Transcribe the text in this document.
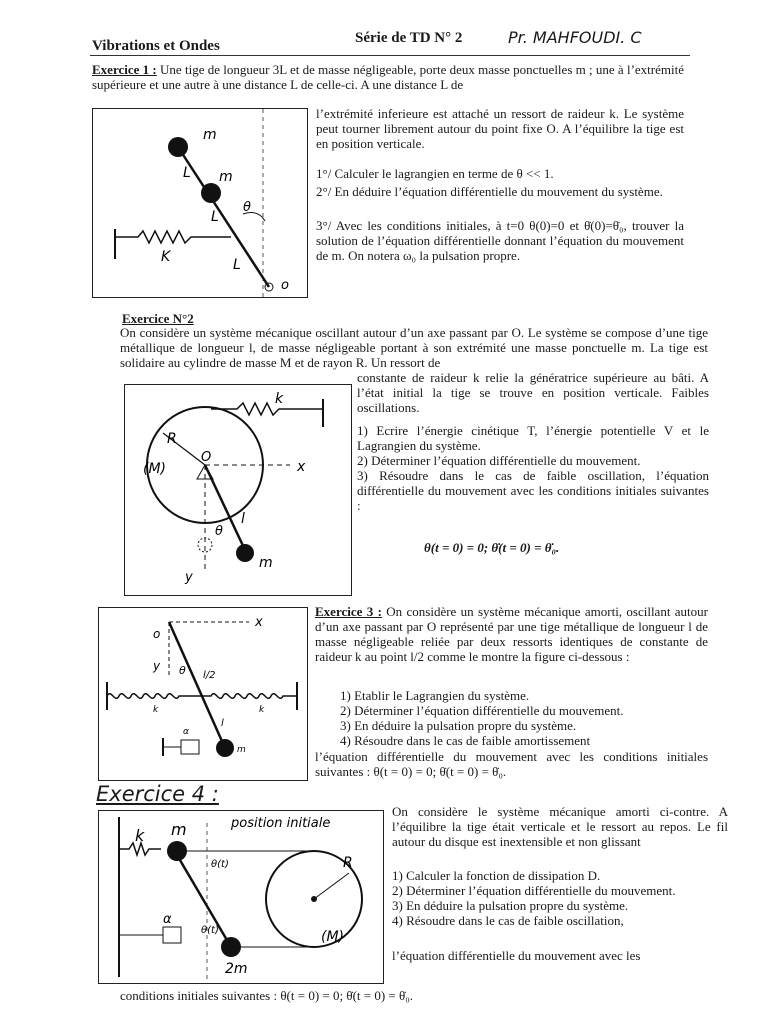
Vibrations et Ondes	Série de TD N° 2	Pr. MAHFOUDI. C
Exercice 1 : Une tige de longueur 3L et de masse négligeable, porte deux masse ponctuelles m ; une à l’extrémité supérieure et une autre à une distance L de celle-ci. A une distance L de
m
m
L
L
L
θ
K
o
l’extrémité inferieure est attaché un ressort de raideur k. Le système peut tourner librement autour du point fixe O. A l’équilibre la tige est en position verticale.
1°/ Calculer le lagrangien en terme de θ << 1.
2°/ En déduire l’équation différentielle du mouvement du système.
3°/ Avec les conditions initiales, à t=0 θ(0)=0 et θ̇(0)=θ̇₀, trouver la solution de l’équation différentielle donnant l’équation du mouvement de m. On notera ω₀ la pulsation propre.
Exercice N°2
On considère un système mécanique oscillant autour d’un axe passant par O. Le système se compose d’une tige métallique de longueur l, de masse négligeable portant à son extrémité une masse ponctuelle m. La tige est solidaire au cylindre de masse M et de rayon R. Un ressort de
R
(M)
O
x
k
l
θ
y
m
constante de raideur k relie la génératrice supérieure au bâti. A l’état initial la tige se trouve en position verticale. Faibles oscillations.
1) Ecrire l’énergie cinétique T, l’énergie potentielle V et le Lagrangien du système.
2) Déterminer l’équation différentielle du mouvement.
3) Résoudre dans le cas de faible oscillation, l’équation différentielle du mouvement avec les conditions initiales suivantes :
θ(t = 0) = 0; θ̇(t = 0) = θ̇₀.
o
x
y θ l/2
k	k
l
α
m
Exercice 3 : On considère un système mécanique amorti, oscillant autour d’un axe passant par O représenté par une tige métallique de longueur l de masse négligeable reliée par deux ressorts identiques de constante de raideur k au point l/2 comme le montre la figure ci-dessous :
1) Etablir le Lagrangien du système.
2) Déterminer l’équation différentielle du mouvement.
3) En déduire la pulsation propre du système.
4) Résoudre dans le cas de faible amortissement
l’équation différentielle du mouvement avec les conditions initiales suivantes : θ(t = 0) = 0; θ̇(t = 0) = θ̇₀.
Exercice 4 :
k m	position initiale
θ(t)
θ(t)
R
(M)
α
2m
On considère le système mécanique amorti ci-contre. A l’équilibre la tige était verticale et le ressort au repos. Le fil autour du disque est inextensible et non glissant
1) Calculer la fonction de dissipation D.
2) Déterminer l’équation différentielle du mouvement.
3) En déduire la pulsation propre du système.
4) Résoudre dans le cas de faible oscillation,
l’équation différentielle du mouvement avec les
conditions initiales suivantes : θ(t = 0) = 0; θ̇(t = 0) = θ̇₀.
